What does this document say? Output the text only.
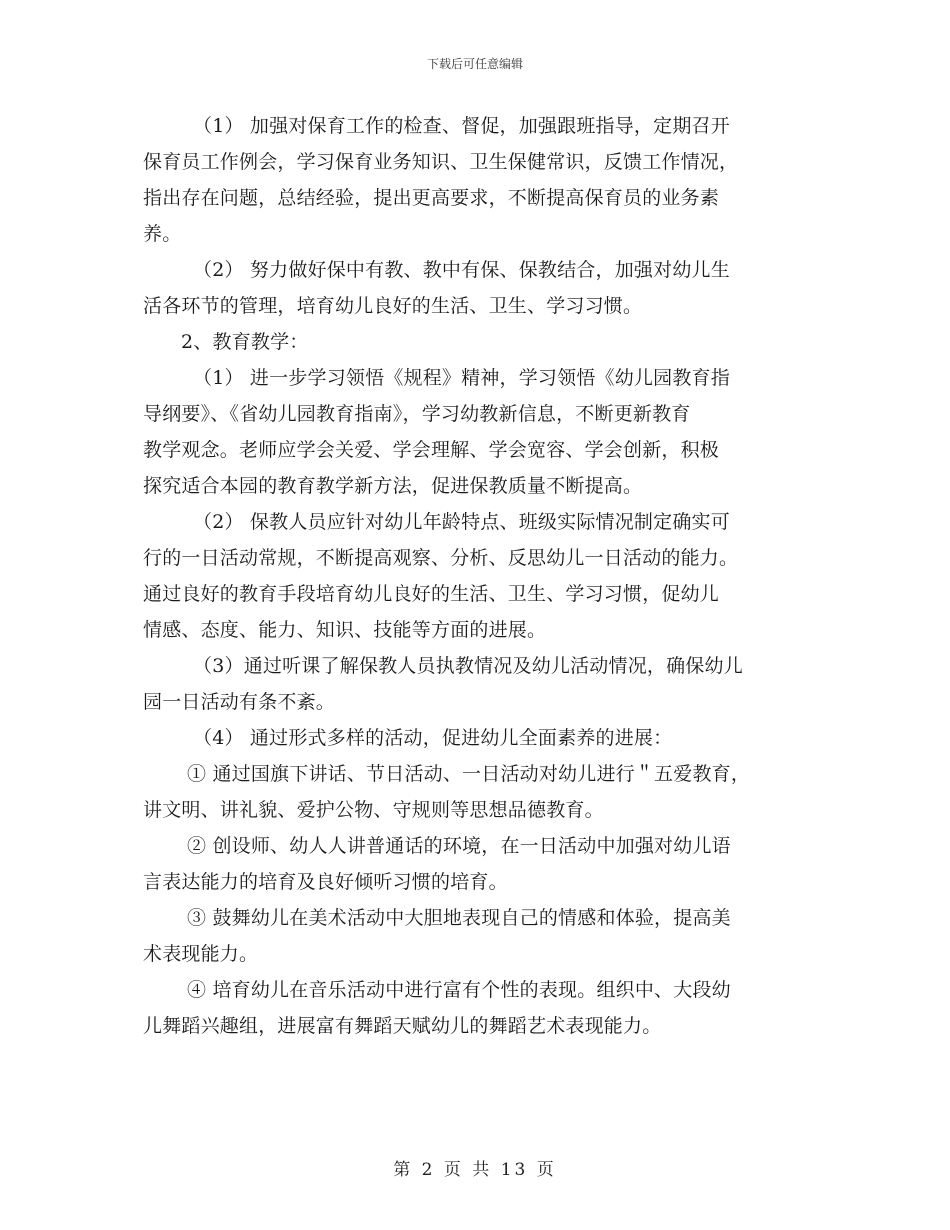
下载后可任意编辑
（1） 加强对保育工作的检查、督促，加强跟班指导，定期召开
保育员工作例会，学习保育业务知识、卫生保健常识，反馈工作情况，
指出存在问题，总结经验，提出更高要求，不断提高保育员的业务素
养。
（2） 努力做好保中有教、教中有保、保教结合，加强对幼儿生
活各环节的管理，培育幼儿良好的生活、卫生、学习习惯。
2、教育教学：
（1） 进一步学习领悟《规程》精神，学习领悟《幼儿园教育指
导纲要》、《省幼儿园教育指南》，学习幼教新信息，不断更新教育
教学观念。老师应学会关爱、学会理解、学会宽容、学会创新，积极
探究适合本园的教育教学新方法，促进保教质量不断提高。
（2） 保教人员应针对幼儿年龄特点、班级实际情况制定确实可
行的一日活动常规，不断提高观察、分析、反思幼儿一日活动的能力。
通过良好的教育手段培育幼儿良好的生活、卫生、学习习惯，促幼儿
情感、态度、能力、知识、技能等方面的进展。
（3）通过听课了解保教人员执教情况及幼儿活动情况，确保幼儿
园一日活动有条不紊。
（4） 通过形式多样的活动，促进幼儿全面素养的进展：
① 通过国旗下讲话、节日活动、一日活动对幼儿进行＂五爱教育，
讲文明、讲礼貌、爱护公物、守规则等思想品德教育。
② 创设师、幼人人讲普通话的环境，在一日活动中加强对幼儿语
言表达能力的培育及良好倾听习惯的培育。
③ 鼓舞幼儿在美术活动中大胆地表现自己的情感和体验，提高美
术表现能力。
④ 培育幼儿在音乐活动中进行富有个性的表现。组织中、大段幼
儿舞蹈兴趣组，进展富有舞蹈天赋幼儿的舞蹈艺术表现能力。
第 2 页 共 13 页
